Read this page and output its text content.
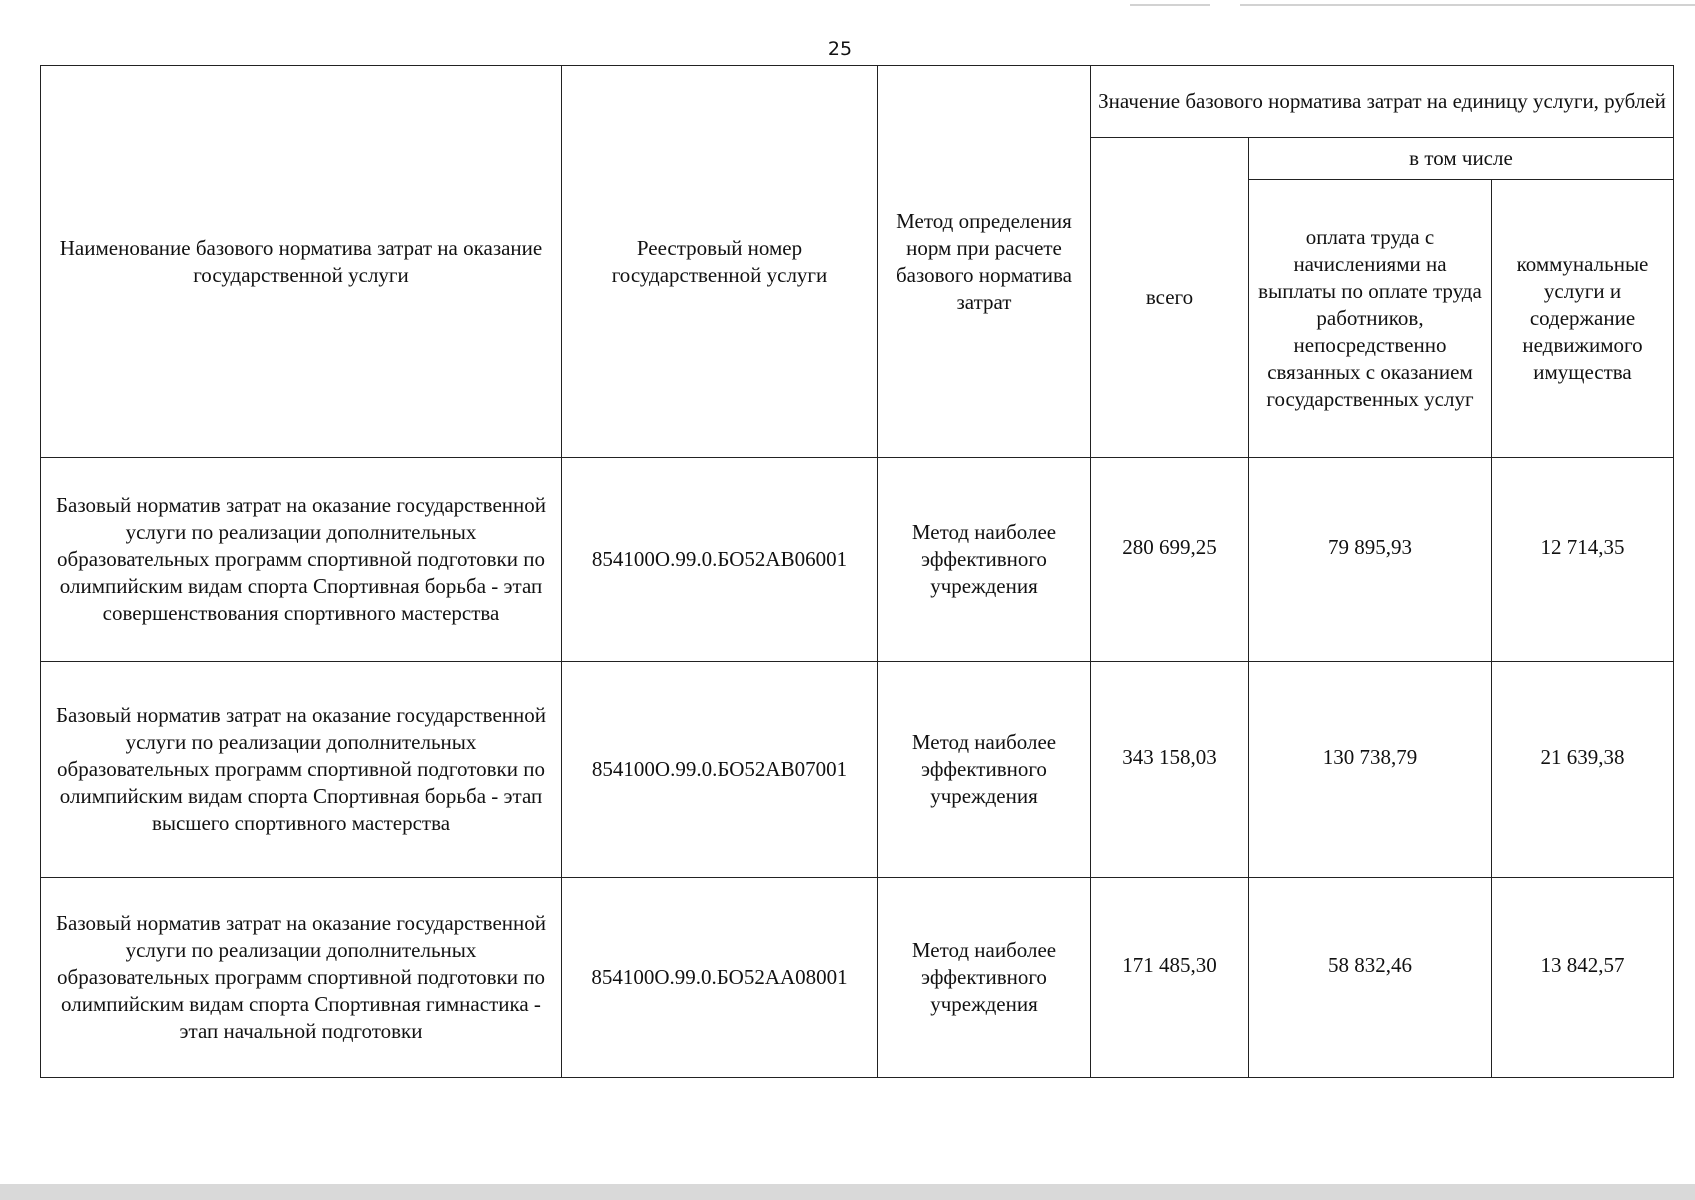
25
Наименование базового норматива затрат на оказание государственной услуги	Реестровый номер государственной услуги	Метод определения норм при расчете базового норматива затрат	Значение базового норматива затрат на единицу услуги, рублей		
			всего	в том числе	
				оплата труда с начислениями на выплаты по оплате труда работников, непосредственно связанных с оказанием государственных услуг	коммунальные услуги и содержание недвижимого имущества
Базовый норматив затрат на оказание государственной услуги по реализации дополнительных образовательных программ спортивной подготовки по олимпийским видам спорта Спортивная борьба - этап совершенствования спортивного мастерства	854100О.99.0.БО52АВ06001	Метод наиболее эффективного учреждения	280 699,25	79 895,93	12 714,35
Базовый норматив затрат на оказание государственной услуги по реализации дополнительных образовательных программ спортивной подготовки по олимпийским видам спорта Спортивная борьба - этап высшего спортивного мастерства	854100О.99.0.БО52АВ07001	Метод наиболее эффективного учреждения	343 158,03	130 738,79	21 639,38
Базовый норматив затрат на оказание государственной услуги по реализации дополнительных образовательных программ спортивной подготовки по олимпийским видам спорта Спортивная гимнастика - этап начальной подготовки	854100О.99.0.БО52АА08001	Метод наиболее эффективного учреждения	171 485,30	58 832,46	13 842,57
